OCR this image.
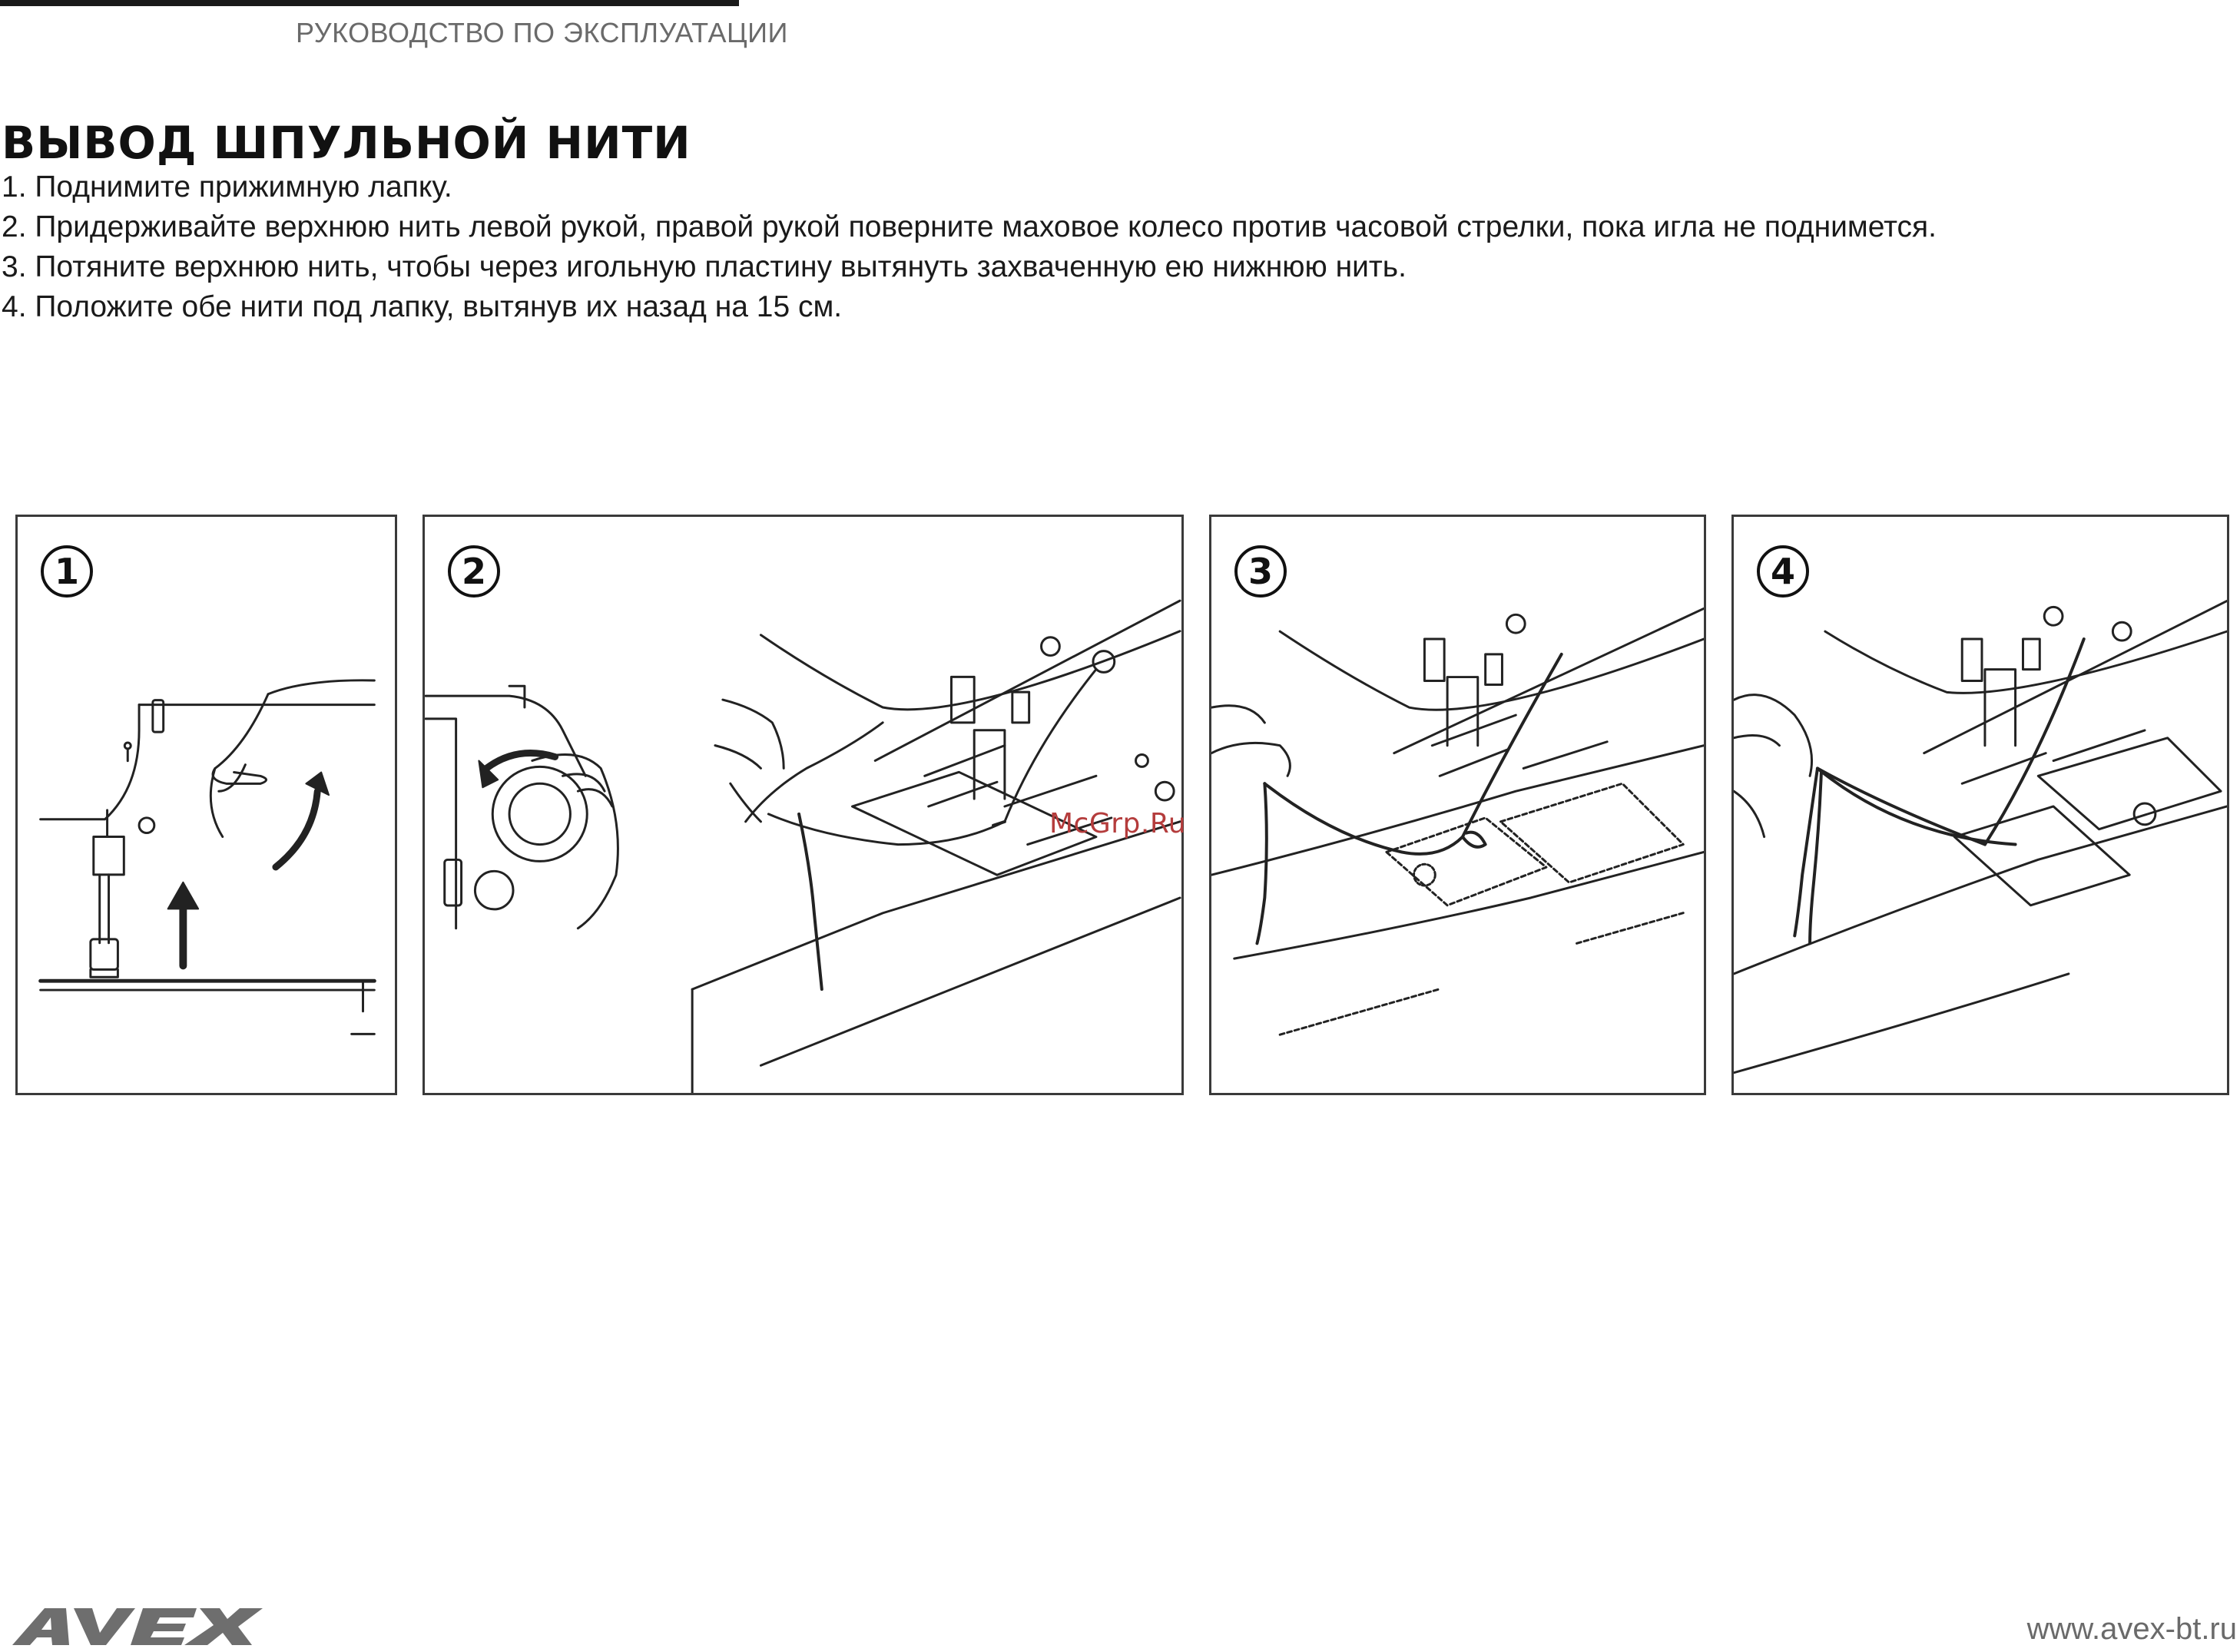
РУКОВОДСТВО ПО ЭКСПЛУАТАЦИИ
ВЫВОД ШПУЛЬНОЙ НИТИ

1. Поднимите прижимную лапку.

2. Придерживайте верхнюю нить левой рукой, правой рукой поверните маховое колесо против часовой стрелки, пока игла не поднимется.

3. Потяните верхнюю нить, чтобы через игольную пластину вытянуть захваченную ею нижнюю нить.

4. Положите обе нити под лапку, вытянув их назад на 15 см.

1	2	3	4
McGrp.Ru
www.avex-bt.ru
